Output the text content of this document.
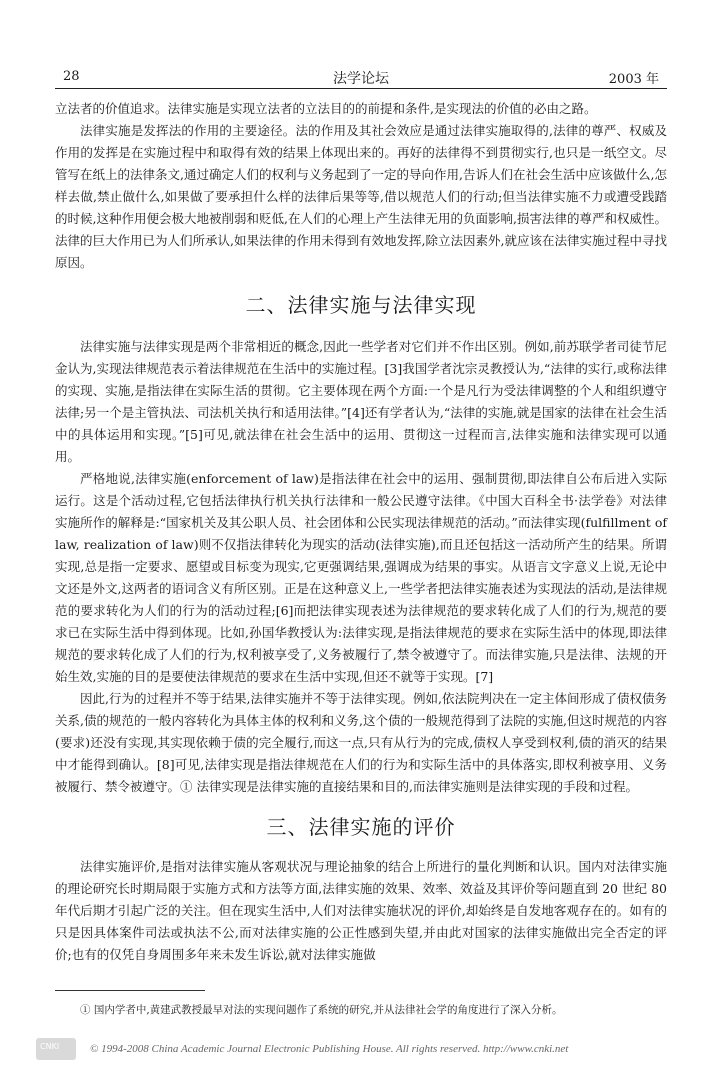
28	法学论坛	2003 年

立法者的价值追求。法律实施是实现立法者的立法目的的前提和条件,是实现法的价值的必由之路。

法律实施是发挥法的作用的主要途径。法的作用及其社会效应是通过法律实施取得的,法律的尊严、权威及作用的发挥是在实施过程中和取得有效的结果上体现出来的。再好的法律得不到贯彻实行,也只是一纸空文。尽管写在纸上的法律条文,通过确定人们的权利与义务起到了一定的导向作用,告诉人们在社会生活中应该做什么,怎样去做,禁止做什么,如果做了要承担什么样的法律后果等等,借以规范人们的行动;但当法律实施不力或遭受践踏的时候,这种作用便会极大地被削弱和贬低,在人们的心理上产生法律无用的负面影响,损害法律的尊严和权威性。法律的巨大作用已为人们所承认,如果法律的作用未得到有效地发挥,除立法因素外,就应该在法律实施过程中寻找原因。

二、法律实施与法律实现

法律实施与法律实现是两个非常相近的概念,因此一些学者对它们并不作出区别。例如,前苏联学者司徒节尼金认为,实现法律规范表示着法律规范在生活中的实施过程。[3]我国学者沈宗灵教授认为,“法律的实行,或称法律的实现、实施,是指法律在实际生活的贯彻。它主要体现在两个方面:一个是凡行为受法律调整的个人和组织遵守法律;另一个是主管执法、司法机关执行和适用法律。”[4]还有学者认为,“法律的实施,就是国家的法律在社会生活中的具体运用和实现。”[5]可见,就法律在社会生活中的运用、贯彻这一过程而言,法律实施和法律实现可以通用。

严格地说,法律实施(enforcement of law)是指法律在社会中的运用、强制贯彻,即法律自公布后进入实际运行。这是个活动过程,它包括法律执行机关执行法律和一般公民遵守法律。《中国大百科全书·法学卷》对法律实施所作的解释是:“国家机关及其公职人员、社会团体和公民实现法律规范的活动。”而法律实现(fulfillment of law, realization of law)则不仅指法律转化为现实的活动(法律实施),而且还包括这一活动所产生的结果。所谓实现,总是指一定要求、愿望或目标变为现实,它更强调结果,强调成为结果的事实。从语言文字意义上说,无论中文还是外文,这两者的语词含义有所区别。正是在这种意义上,一些学者把法律实施表述为实现法的活动,是法律规范的要求转化为人们的行为的活动过程;[6]而把法律实现表述为法律规范的要求转化成了人们的行为,规范的要求已在实际生活中得到体现。比如,孙国华教授认为:法律实现,是指法律规范的要求在实际生活中的体现,即法律规范的要求转化成了人们的行为,权利被享受了,义务被履行了,禁令被遵守了。而法律实施,只是法律、法规的开始生效,实施的目的是要使法律规范的要求在生活中实现,但还不就等于实现。[7]

因此,行为的过程并不等于结果,法律实施并不等于法律实现。例如,依法院判决在一定主体间形成了债权债务关系,债的规范的一般内容转化为具体主体的权利和义务,这个债的一般规范得到了法院的实施,但这时规范的内容(要求)还没有实现,其实现依赖于债的完全履行,而这一点,只有从行为的完成,债权人享受到权利,债的消灭的结果中才能得到确认。[8]可见,法律实现是指法律规范在人们的行为和实际生活中的具体落实,即权利被享用、义务被履行、禁令被遵守。① 法律实现是法律实施的直接结果和目的,而法律实施则是法律实现的手段和过程。

三、法律实施的评价

法律实施评价,是指对法律实施从客观状况与理论抽象的结合上所进行的量化判断和认识。国内对法律实施的理论研究长时期局限于实施方式和方法等方面,法律实施的效果、效率、效益及其评价等问题直到 20 世纪 80 年代后期才引起广泛的关注。但在现实生活中,人们对法律实施状况的评价,却始终是自发地客观存在的。如有的只是因具体案件司法或执法不公,而对法律实施的公正性感到失望,并由此对国家的法律实施做出完全否定的评价;也有的仅凭自身周围多年来未发生诉讼,就对法律实施做

① 国内学者中,黄建武教授最早对法的实现问题作了系统的研究,并从法律社会学的角度进行了深入分析。
CNKI	© 1994-2008 China Academic Journal Electronic Publishing House. All rights reserved. http://www.cnki.net
